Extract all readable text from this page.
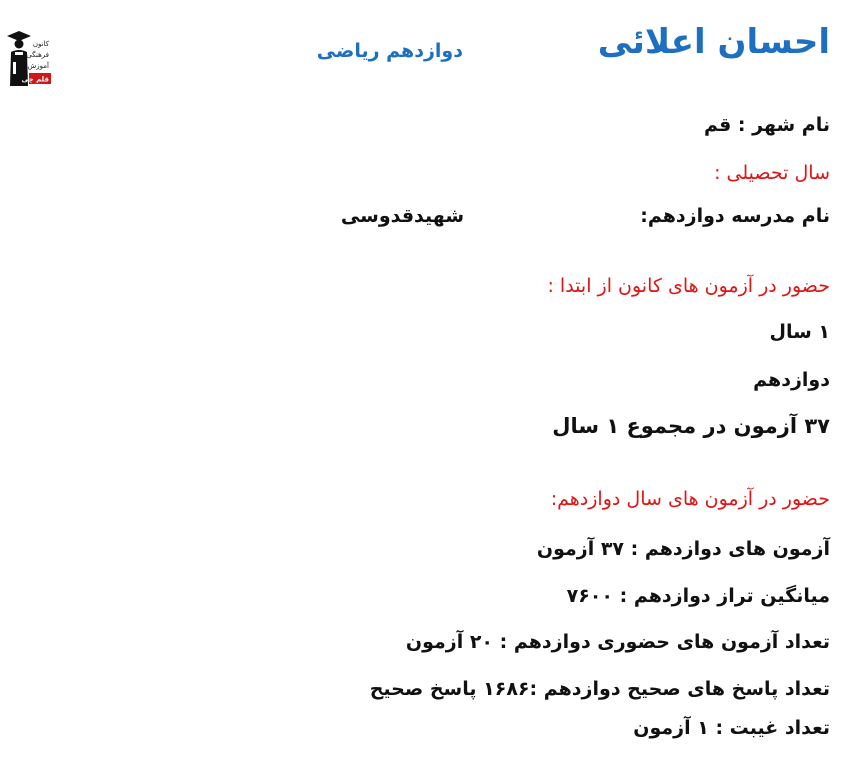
کانون
فرهنگی
آموزش
قلم چی
احسان اعلائی
دوازدهم ریاضی
نام شهر : قم
سال تحصیلی :
نام مدرسه دوازدهم:
شهیدقدوسی
حضور در آزمون های کانون از ابتدا :
۱ سال
دوازدهم
۳۷ آزمون در مجموع ۱ سال
حضور در آزمون های سال دوازدهم:
آزمون های دوازدهم : ۳۷ آزمون
میانگین تراز دوازدهم : ۷۶۰۰
تعداد آزمون های حضوری دوازدهم : ۲۰ آزمون
تعداد پاسخ های صحیح دوازدهم :۱۶۸۶ پاسخ صحیح
تعداد غیبت : ۱ آزمون
